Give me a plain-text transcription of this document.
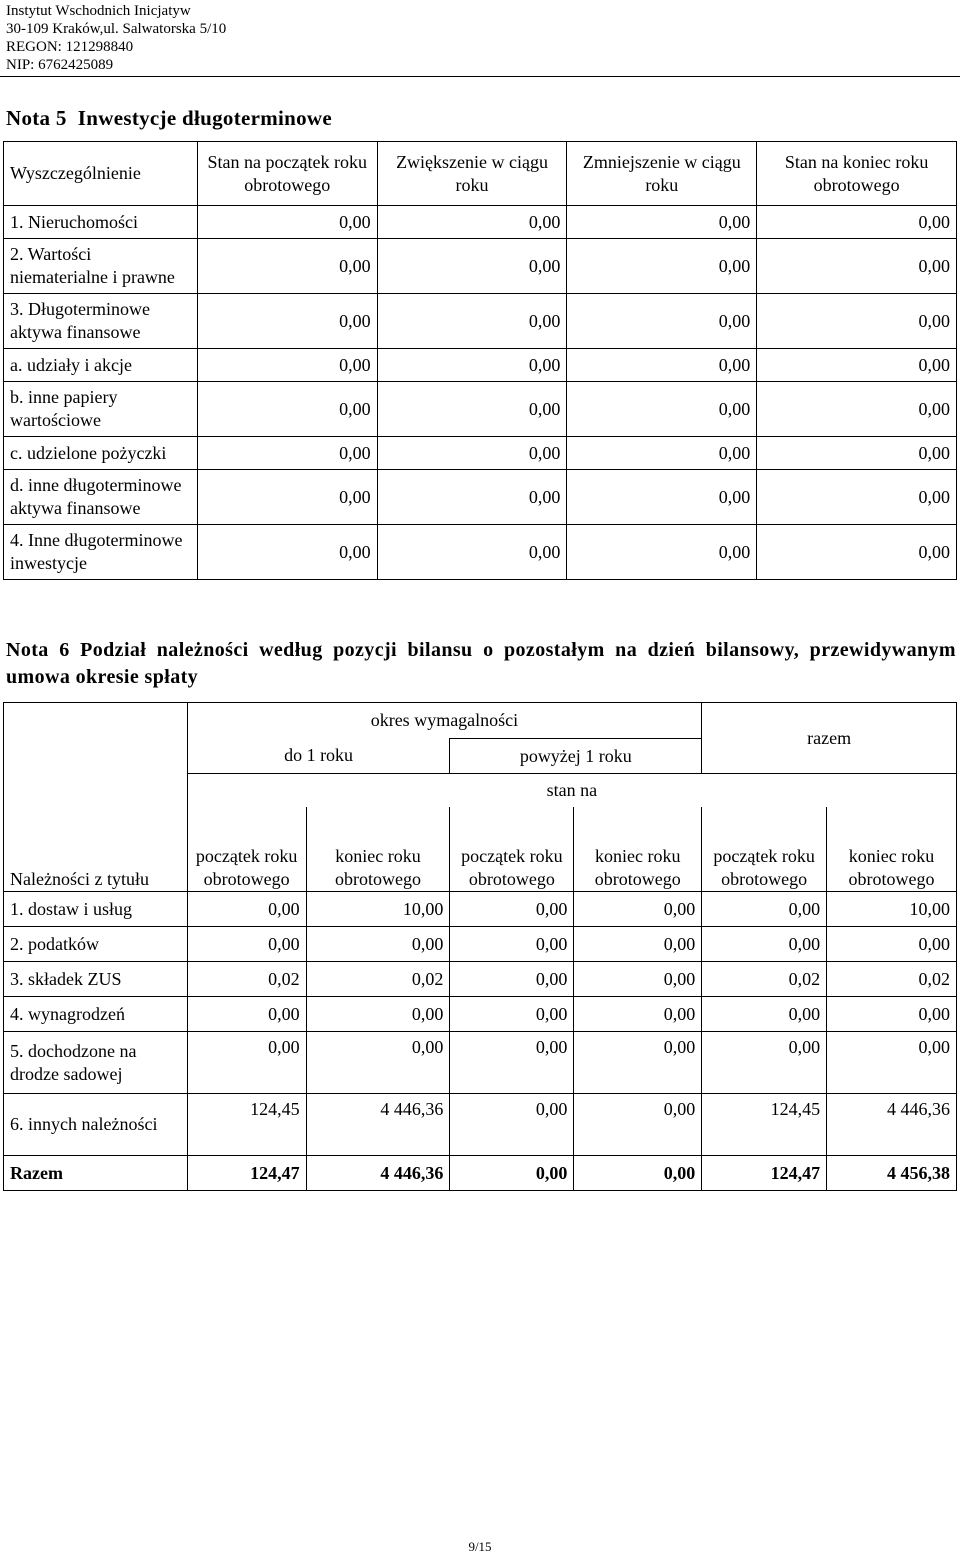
Instytut Wschodnich Inicjatyw
30-109 Kraków,ul. Salwatorska 5/10
REGON: 121298840
NIP: 6762425089
Nota 5  Inwestycje długoterminowe
Wyszczególnienie	Stan na początek roku obrotowego	Zwiększenie w ciągu roku	Zmniejszenie w ciągu roku	Stan na koniec roku obrotowego
1. Nieruchomości	0,00	0,00	0,00	0,00
2. Wartości niematerialne i prawne	0,00	0,00	0,00	0,00
3. Długoterminowe aktywa finansowe	0,00	0,00	0,00	0,00
a. udziały i akcje	0,00	0,00	0,00	0,00
b. inne papiery wartościowe	0,00	0,00	0,00	0,00
c. udzielone pożyczki	0,00	0,00	0,00	0,00
d. inne długoterminowe aktywa finansowe	0,00	0,00	0,00	0,00
4. Inne długoterminowe inwestycje	0,00	0,00	0,00	0,00
Nota 6 Podział należności według pozycji bilansu o pozostałym na dzień bilansowy, przewidywanym umowa okresie spłaty
Należności z tytułu	okres wymagalności				razem	
	do 1 roku		powyżej 1 roku			
	stan na					
	początek roku obrotowego	koniec roku obrotowego	początek roku obrotowego	koniec roku obrotowego	początek roku obrotowego	koniec roku obrotowego
1. dostaw i usług	0,00	10,00	0,00	0,00	0,00	10,00
2. podatków	0,00	0,00	0,00	0,00	0,00	0,00
3. składek ZUS	0,02	0,02	0,00	0,00	0,02	0,02
4. wynagrodzeń	0,00	0,00	0,00	0,00	0,00	0,00
5. dochodzone na drodze sadowej	0,00	0,00	0,00	0,00	0,00	0,00
6. innych należności	124,45	4 446,36	0,00	0,00	124,45	4 446,36
Razem	124,47	4 446,36	0,00	0,00	124,47	4 456,38
9/15
